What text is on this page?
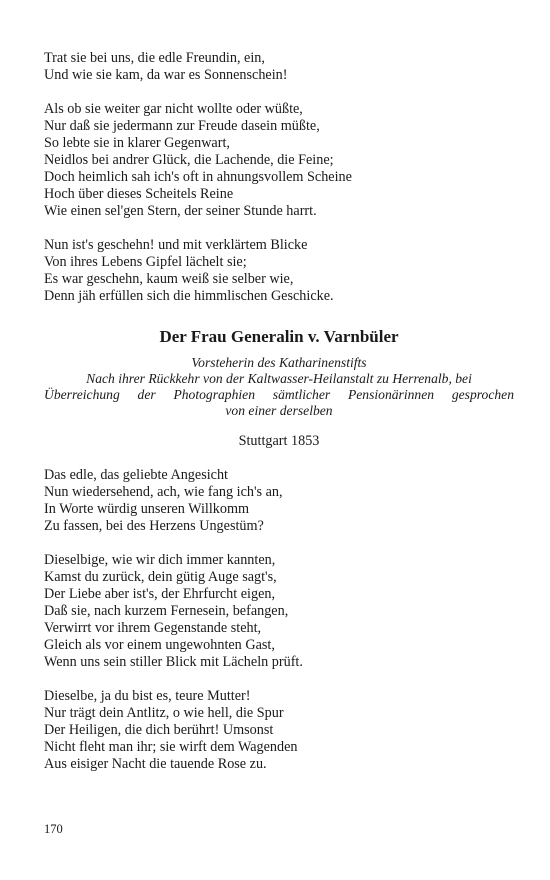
Trat sie bei uns, die edle Freundin, ein,
Und wie sie kam, da war es Sonnenschein!
Als ob sie weiter gar nicht wollte oder wüßte,
Nur daß sie jedermann zur Freude dasein müßte,
So lebte sie in klarer Gegenwart,
Neidlos bei andrer Glück, die Lachende, die Feine;
Doch heimlich sah ich's oft in ahnungsvollem Scheine
Hoch über dieses Scheitels Reine
Wie einen sel'gen Stern, der seiner Stunde harrt.
Nun ist's geschehn! und mit verklärtem Blicke
Von ihres Lebens Gipfel lächelt sie;
Es war geschehn, kaum weiß sie selber wie,
Denn jäh erfüllen sich die himmlischen Geschicke.
Der Frau Generalin v. Varnbüler
Vorsteherin des Katharinenstifts
Nach ihrer Rückkehr von der Kaltwasser-Heilanstalt zu Herrenalb, bei
Überreichung der Photographien sämtlicher Pensionärinnen gesprochen
von einer derselben
Stuttgart 1853
Das edle, das geliebte Angesicht
Nun wiedersehend, ach, wie fang ich's an,
In Worte würdig unseren Willkomm
Zu fassen, bei des Herzens Ungestüm?
Dieselbige, wie wir dich immer kannten,
Kamst du zurück, dein gütig Auge sagt's,
Der Liebe aber ist's, der Ehrfurcht eigen,
Daß sie, nach kurzem Fernesein, befangen,
Verwirrt vor ihrem Gegenstande steht,
Gleich als vor einem ungewohnten Gast,
Wenn uns sein stiller Blick mit Lächeln prüft.
Dieselbe, ja du bist es, teure Mutter!
Nur trägt dein Antlitz, o wie hell, die Spur
Der Heiligen, die dich berührt! Umsonst
Nicht fleht man ihr; sie wirft dem Wagenden
Aus eisiger Nacht die tauende Rose zu.
170
